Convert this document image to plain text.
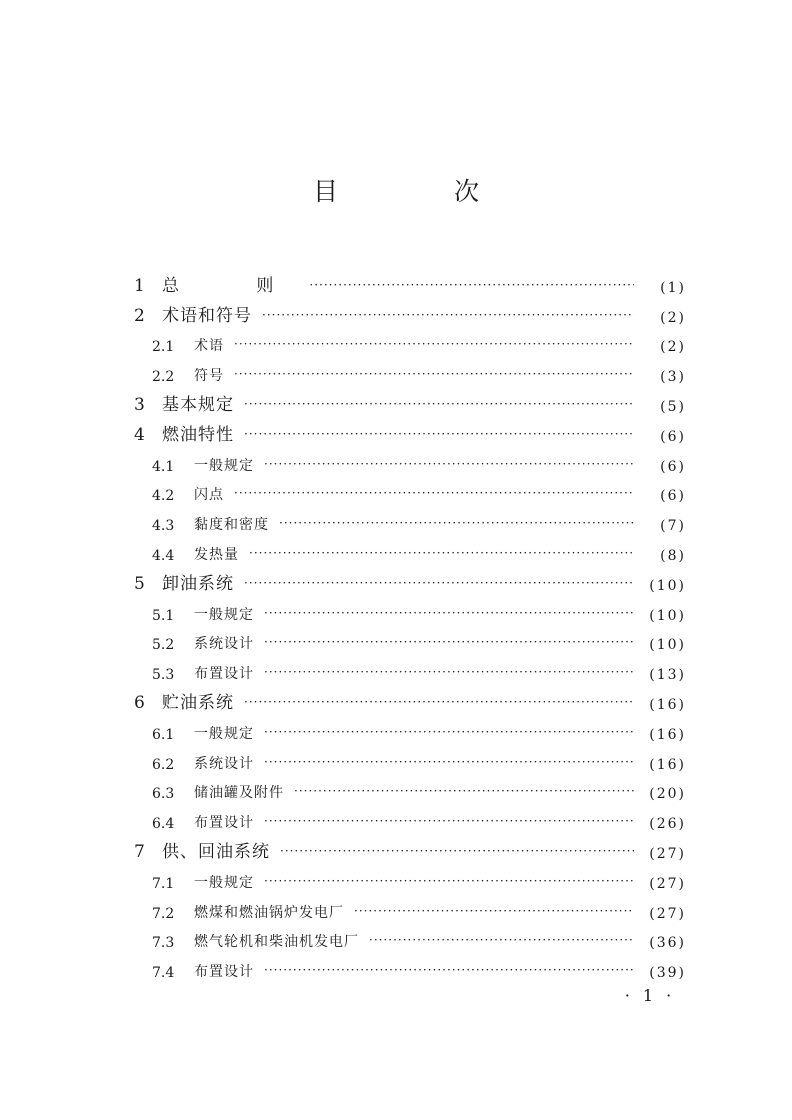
目 次
1	总 则 ·····	(1)
2	术语和符号 ·····	(2)
2.1	术语 ·····	(2)
2.2	符号 ·····	(3)
3	基本规定 ·····	(5)
4	燃油特性 ·····	(6)
4.1	一般规定 ·····	(6)
4.2	闪点 ·····	(6)
4.3	黏度和密度 ·····	(7)
4.4	发热量 ·····	(8)
5	卸油系统 ·····	(10)
5.1	一般规定 ·····	(10)
5.2	系统设计 ·····	(10)
5.3	布置设计 ·····	(13)
6	贮油系统 ·····	(16)
6.1	一般规定 ·····	(16)
6.2	系统设计 ·····	(16)
6.3	储油罐及附件 ·····	(20)
6.4	布置设计 ·····	(26)
7	供、回油系统 ·····	(27)
7.1	一般规定 ·····	(27)
7.2	燃煤和燃油锅炉发电厂 ·····	(27)
7.3	燃气轮机和柴油机发电厂 ·····	(36)
7.4	布置设计 ·····	(39)
· 1 ·
